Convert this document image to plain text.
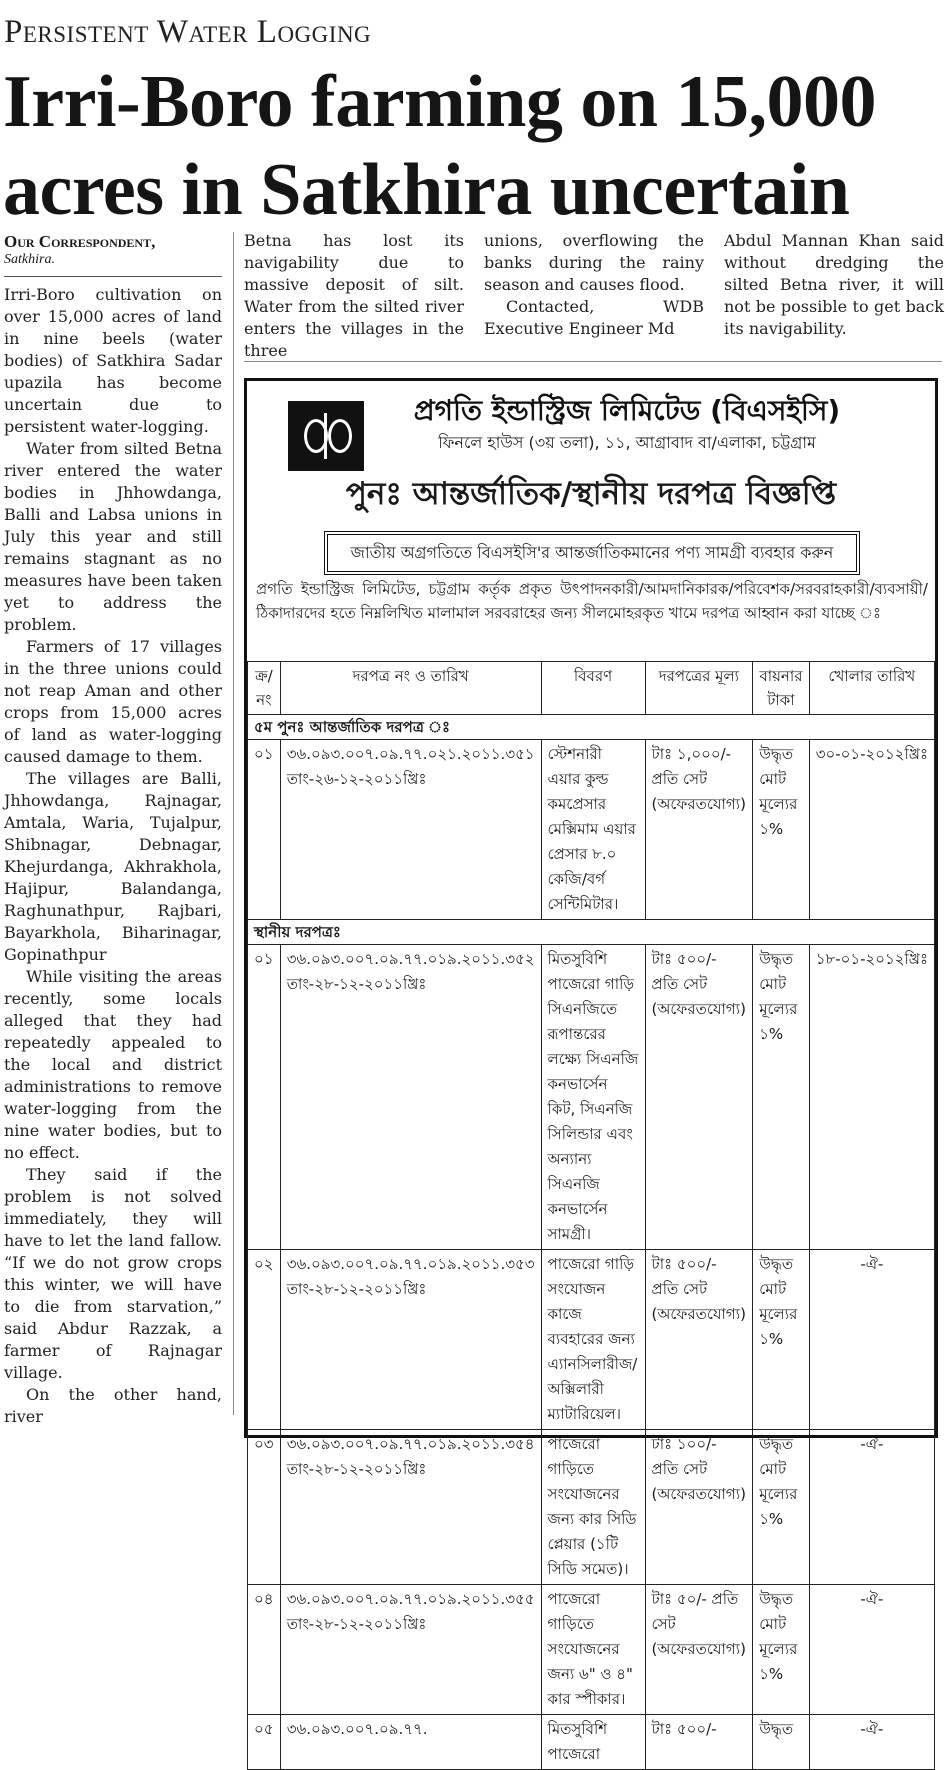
Persistent Water Logging
Irri-Boro farming on 15,000 acres in Satkhira uncertain
Our Correspondent,
Satkhira.

Irri-Boro cultivation on over 15,000 acres of land in nine beels (water bodies) of Satkhira Sadar upazila has become uncertain due to persistent water-logging.

Water from silted Betna river entered the water bodies in Jhhowdanga, Balli and Labsa unions in July this year and still remains stagnant as no measures have been taken yet to address the problem.

Farmers of 17 villages in the three unions could not reap Aman and other crops from 15,000 acres of land as water-logging caused damage to them.

The villages are Balli, Jhhowdanga, Rajnagar, Amtala, Waria, Tujalpur, Shibnagar, Debnagar, Khejurdanga, Akhrakhola, Hajipur, Balandanga, Raghunathpur, Rajbari, Bayarkhola, Biharinagar, Gopinathpur

While visiting the areas recently, some locals alleged that they had repeatedly appealed to the local and district administrations to remove water-logging from the nine water bodies, but to no effect.

They said if the problem is not solved immediately, they will have to let the land fallow. “If we do not grow crops this winter, we will have to die from starvation,” said Abdur Razzak, a farmer of Rajnagar village.

On the other hand, river

Betna has lost its navigability due to massive deposit of silt. Water from the silted river enters the villages in the three

unions, overflowing the banks during the rainy season and causes flood.

Contacted, WDB Executive Engineer Md

Abdul Mannan Khan said without dredging the silted Betna river, it will not be possible to get back its navigability.

প্রগতি ইন্ডাস্ট্রিজ লিমিটেড (বিএসইসি)
ফিনলে হাউস (৩য় তলা), ১১, আগ্রাবাদ বা/এলাকা, চট্টগ্রাম
পুনঃ আন্তর্জাতিক/স্থানীয় দরপত্র বিজ্ঞপ্তি
জাতীয় অগ্রগতিতে বিএসইসি'র আন্তর্জাতিকমানের পণ্য সামগ্রী ব্যবহার করুন
প্রগতি ইন্ডাস্ট্রিজ লিমিটেড, চট্টগ্রাম কর্তৃক প্রকৃত উৎপাদনকারী/আমদানিকারক/পরিবেশক/সরবরাহকারী/ব্যবসায়ী/ঠিকাদারদের হতে নিম্নলিখিত মালামাল সরবরাহের জন্য সীলমোহরকৃত খামে দরপত্র আহ্বান করা যাচ্ছে ঃ
ক্র/ নং	দরপত্র নং ও তারিখ	বিবরণ	দরপত্রের মূল্য	বায়নার টাকা	খোলার তারিখ
৫ম পুনঃ আন্তর্জাতিক দরপত্র ঃ					
০১	৩৬.০৯৩.০০৭.০৯.৭৭.০২১.২০১১.৩৫১ তাং-২৬-১২-২০১১খ্রিঃ	স্টেশনারী এয়ার কুল্ড কমপ্রেসার মেক্সিমাম এয়ার প্রেসার ৮.০ কেজি/বর্গ সেন্টিমিটার।	টাঃ ১,০০০/- প্রতি সেট (অফেরতযোগ্য)	উদ্ধৃত মোট মূল্যের ১%	৩০-০১-২০১২খ্রিঃ
স্থানীয় দরপত্রঃ					
০১	৩৬.০৯৩.০০৭.০৯.৭৭.০১৯.২০১১.৩৫২ তাং-২৮-১২-২০১১খ্রিঃ	মিতসুবিশি পাজেরো গাড়ি সিএনজিতে রূপান্তরের লক্ষ্যে সিএনজি কনভার্সেন কিট, সিএনজি সিলিন্ডার এবং অন্যান্য সিএনজি কনভার্সেন সামগ্রী।	টাঃ ৫০০/- প্রতি সেট (অফেরতযোগ্য)	উদ্ধৃত মোট মূল্যের ১%	১৮-০১-২০১২খ্রিঃ
০২	৩৬.০৯৩.০০৭.০৯.৭৭.০১৯.২০১১.৩৫৩ তাং-২৮-১২-২০১১খ্রিঃ	পাজেরো গাড়ি সংযোজন কাজে ব্যবহারের জন্য এ্যানসিলারীজ/অক্সিলারী ম্যাটারিয়েল।	টাঃ ৫০০/- প্রতি সেট (অফেরতযোগ্য)	উদ্ধৃত মোট মূল্যের ১%	-ঐ-
০৩	৩৬.০৯৩.০০৭.০৯.৭৭.০১৯.২০১১.৩৫৪ তাং-২৮-১২-২০১১খ্রিঃ	পাজেরো গাড়িতে সংযোজনের জন্য কার সিডি প্লেয়ার (১টি সিডি সমেত)।	টাঃ ১০০/- প্রতি সেট (অফেরতযোগ্য)	উদ্ধৃত মোট মূল্যের ১%	-ঐ-
০৪	৩৬.০৯৩.০০৭.০৯.৭৭.০১৯.২০১১.৩৫৫ তাং-২৮-১২-২০১১খ্রিঃ	পাজেরো গাড়িতে সংযোজনের জন্য ৬" ও ৪" কার স্পীকার।	টাঃ ৫০/- প্রতি সেট (অফেরতযোগ্য)	উদ্ধৃত মোট মূল্যের ১%	-ঐ-
০৫	৩৬.০৯৩.০০৭.০৯.৭৭.	মিতসুবিশি পাজেরো	টাঃ ৫০০/-	উদ্ধৃত	-ঐ-
